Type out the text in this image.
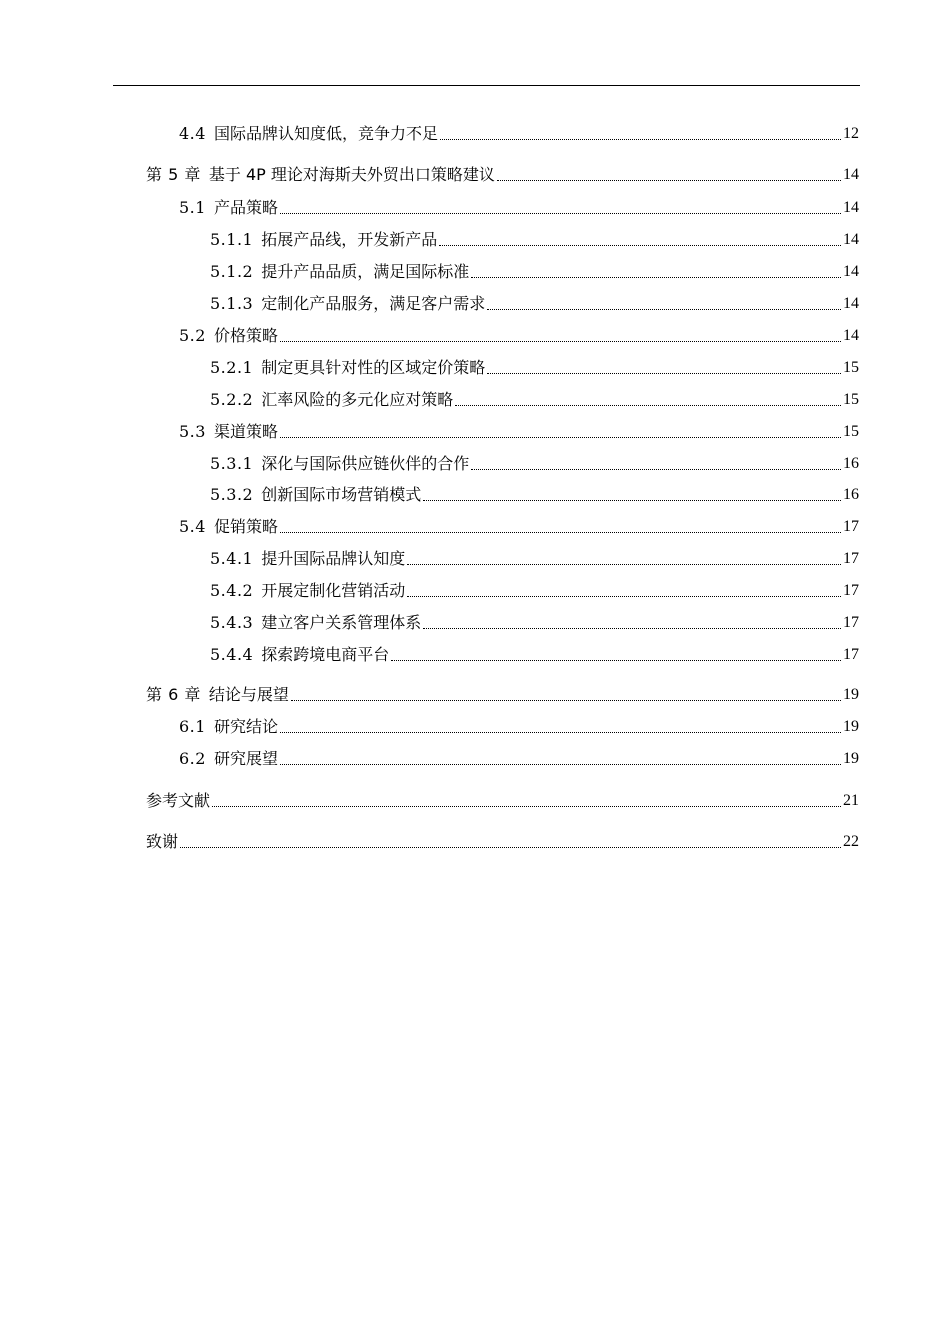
4.4 国际品牌认知度低，竞争力不足	12
第 5 章 基于 4P 理论对海斯夫外贸出口策略建议	14
5.1 产品策略	14
5.1.1 拓展产品线，开发新产品	14
5.1.2 提升产品品质，满足国际标准	14
5.1.3 定制化产品服务，满足客户需求	14
5.2 价格策略	14
5.2.1 制定更具针对性的区域定价策略	15
5.2.2 汇率风险的多元化应对策略	15
5.3 渠道策略	15
5.3.1 深化与国际供应链伙伴的合作	16
5.3.2 创新国际市场营销模式	16
5.4 促销策略	17
5.4.1 提升国际品牌认知度	17
5.4.2 开展定制化营销活动	17
5.4.3 建立客户关系管理体系	17
5.4.4 探索跨境电商平台	17
第 6 章 结论与展望	19
6.1 研究结论	19
6.2 研究展望	19
参考文献	21
致谢	22
